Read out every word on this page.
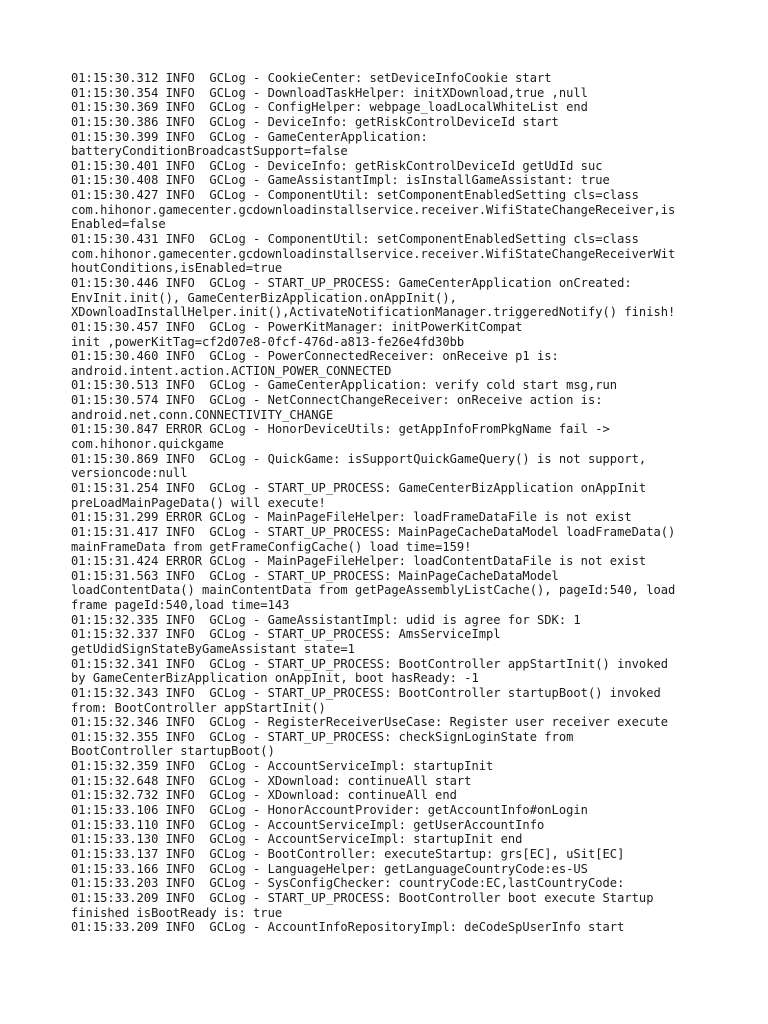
01:15:30.312 INFO  GCLog - CookieCenter: setDeviceInfoCookie start
01:15:30.354 INFO  GCLog - DownloadTaskHelper: initXDownload,true ,null
01:15:30.369 INFO  GCLog - ConfigHelper: webpage_loadLocalWhiteList end
01:15:30.386 INFO  GCLog - DeviceInfo: getRiskControlDeviceId start
01:15:30.399 INFO  GCLog - GameCenterApplication:
batteryConditionBroadcastSupport=false
01:15:30.401 INFO  GCLog - DeviceInfo: getRiskControlDeviceId getUdId suc
01:15:30.408 INFO  GCLog - GameAssistantImpl: isInstallGameAssistant: true
01:15:30.427 INFO  GCLog - ComponentUtil: setComponentEnabledSetting cls=class
com.hihonor.gamecenter.gcdownloadinstallservice.receiver.WifiStateChangeReceiver,is
Enabled=false
01:15:30.431 INFO  GCLog - ComponentUtil: setComponentEnabledSetting cls=class
com.hihonor.gamecenter.gcdownloadinstallservice.receiver.WifiStateChangeReceiverWit
houtConditions,isEnabled=true
01:15:30.446 INFO  GCLog - START_UP_PROCESS: GameCenterApplication onCreated:
EnvInit.init(), GameCenterBizApplication.onAppInit(),
XDownloadInstallHelper.init(),ActivateNotificationManager.triggeredNotify() finish!
01:15:30.457 INFO  GCLog - PowerKitManager: initPowerKitCompat
init ,powerKitTag=cf2d07e8-0fcf-476d-a813-fe26e4fd30bb
01:15:30.460 INFO  GCLog - PowerConnectedReceiver: onReceive p1 is:
android.intent.action.ACTION_POWER_CONNECTED
01:15:30.513 INFO  GCLog - GameCenterApplication: verify cold start msg,run
01:15:30.574 INFO  GCLog - NetConnectChangeReceiver: onReceive action is:
android.net.conn.CONNECTIVITY_CHANGE
01:15:30.847 ERROR GCLog - HonorDeviceUtils: getAppInfoFromPkgName fail ->
com.hihonor.quickgame
01:15:30.869 INFO  GCLog - QuickGame: isSupportQuickGameQuery() is not support,
versioncode:null
01:15:31.254 INFO  GCLog - START_UP_PROCESS: GameCenterBizApplication onAppInit
preLoadMainPageData() will execute!
01:15:31.299 ERROR GCLog - MainPageFileHelper: loadFrameDataFile is not exist
01:15:31.417 INFO  GCLog - START_UP_PROCESS: MainPageCacheDataModel loadFrameData()
mainFrameData from getFrameConfigCache() load time=159!
01:15:31.424 ERROR GCLog - MainPageFileHelper: loadContentDataFile is not exist
01:15:31.563 INFO  GCLog - START_UP_PROCESS: MainPageCacheDataModel
loadContentData() mainContentData from getPageAssemblyListCache(), pageId:540, load
frame pageId:540,load time=143
01:15:32.335 INFO  GCLog - GameAssistantImpl: udid is agree for SDK: 1
01:15:32.337 INFO  GCLog - START_UP_PROCESS: AmsServiceImpl
getUdidSignStateByGameAssistant state=1
01:15:32.341 INFO  GCLog - START_UP_PROCESS: BootController appStartInit() invoked
by GameCenterBizApplication onAppInit, boot hasReady: -1
01:15:32.343 INFO  GCLog - START_UP_PROCESS: BootController startupBoot() invoked
from: BootController appStartInit()
01:15:32.346 INFO  GCLog - RegisterReceiverUseCase: Register user receiver execute
01:15:32.355 INFO  GCLog - START_UP_PROCESS: checkSignLoginState from
BootController startupBoot()
01:15:32.359 INFO  GCLog - AccountServiceImpl: startupInit
01:15:32.648 INFO  GCLog - XDownload: continueAll start
01:15:32.732 INFO  GCLog - XDownload: continueAll end
01:15:33.106 INFO  GCLog - HonorAccountProvider: getAccountInfo#onLogin
01:15:33.110 INFO  GCLog - AccountServiceImpl: getUserAccountInfo
01:15:33.130 INFO  GCLog - AccountServiceImpl: startupInit end
01:15:33.137 INFO  GCLog - BootController: executeStartup: grs[EC], uSit[EC]
01:15:33.166 INFO  GCLog - LanguageHelper: getLanguageCountryCode:es-US
01:15:33.203 INFO  GCLog - SysConfigChecker: countryCode:EC,lastCountryCode:
01:15:33.209 INFO  GCLog - START_UP_PROCESS: BootController boot execute Startup
finished isBootReady is: true
01:15:33.209 INFO  GCLog - AccountInfoRepositoryImpl: deCodeSpUserInfo start
